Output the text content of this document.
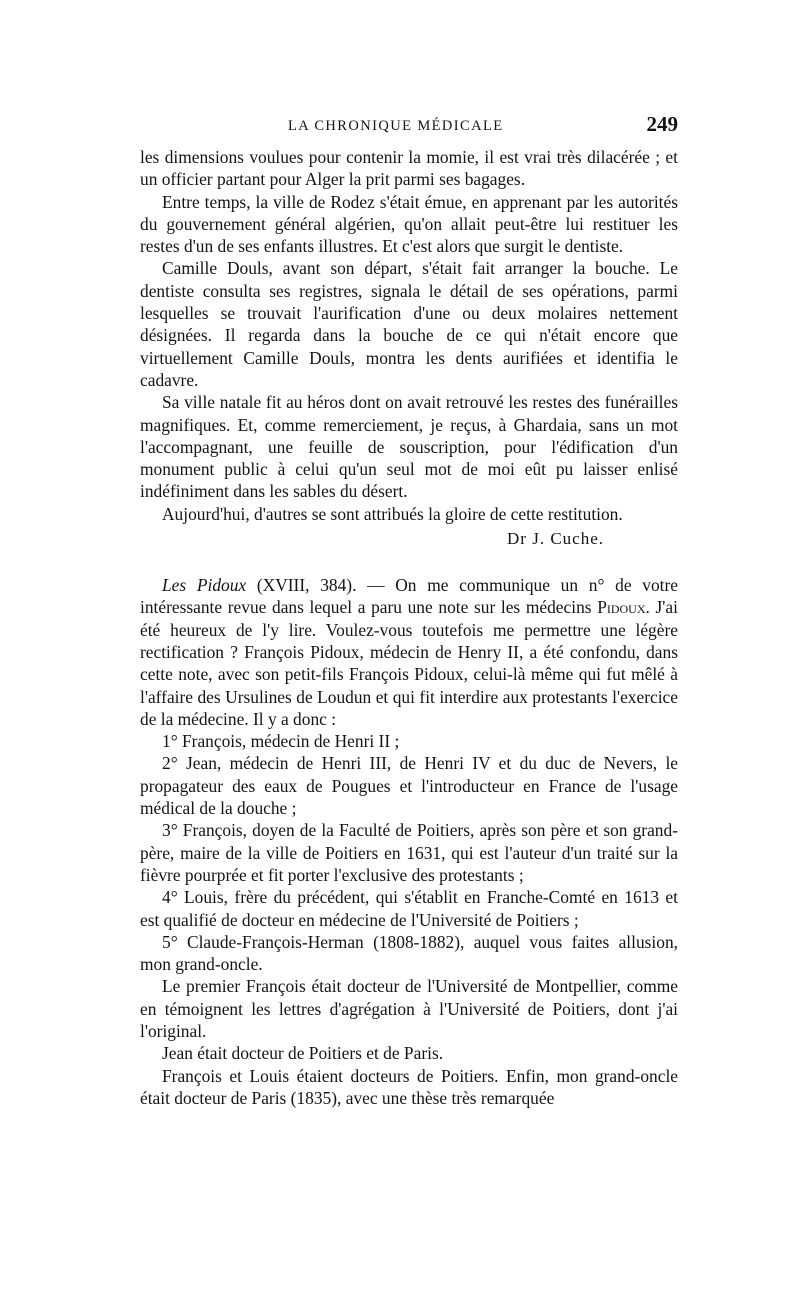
LA CHRONIQUE MÉDICALE	249

les dimensions voulues pour contenir la momie, il est vrai très dilacérée ; et un officier partant pour Alger la prit parmi ses bagages.

Entre temps, la ville de Rodez s'était émue, en apprenant par les autorités du gouvernement général algérien, qu'on allait peut-être lui restituer les restes d'un de ses enfants illustres. Et c'est alors que surgit le dentiste.

Camille Douls, avant son départ, s'était fait arranger la bouche. Le dentiste consulta ses registres, signala le détail de ses opérations, parmi lesquelles se trouvait l'aurification d'une ou deux molaires nettement désignées. Il regarda dans la bouche de ce qui n'était encore que virtuellement Camille Douls, montra les dents aurifiées et identifia le cadavre.

Sa ville natale fit au héros dont on avait retrouvé les restes des funérailles magnifiques. Et, comme remerciement, je reçus, à Ghardaia, sans un mot l'accompagnant, une feuille de souscription, pour l'édification d'un monument public à celui qu'un seul mot de moi eût pu laisser enlisé indéfiniment dans les sables du désert.

Aujourd'hui, d'autres se sont attribués la gloire de cette restitution.

Dr J. Cuche.

Les Pidoux (XVIII, 384). — On me communique un n° de votre intéressante revue dans lequel a paru une note sur les médecins Pidoux. J'ai été heureux de l'y lire. Voulez-vous toutefois me permettre une légère rectification ? François Pidoux, médecin de Henry II, a été confondu, dans cette note, avec son petit-fils François Pidoux, celui-là même qui fut mêlé à l'affaire des Ursulines de Loudun et qui fit interdire aux protestants l'exercice de la médecine. Il y a donc :

1° François, médecin de Henri II ;

2° Jean, médecin de Henri III, de Henri IV et du duc de Nevers, le propagateur des eaux de Pougues et l'introducteur en France de l'usage médical de la douche ;

3° François, doyen de la Faculté de Poitiers, après son père et son grand-père, maire de la ville de Poitiers en 1631, qui est l'auteur d'un traité sur la fièvre pourprée et fit porter l'exclusive des protestants ;

4° Louis, frère du précédent, qui s'établit en Franche-Comté en 1613 et est qualifié de docteur en médecine de l'Université de Poitiers ;

5° Claude-François-Herman (1808-1882), auquel vous faites allusion, mon grand-oncle.

Le premier François était docteur de l'Université de Montpellier, comme en témoignent les lettres d'agrégation à l'Université de Poitiers, dont j'ai l'original.

Jean était docteur de Poitiers et de Paris.

François et Louis étaient docteurs de Poitiers. Enfin, mon grand-oncle était docteur de Paris (1835), avec une thèse très remarquée
